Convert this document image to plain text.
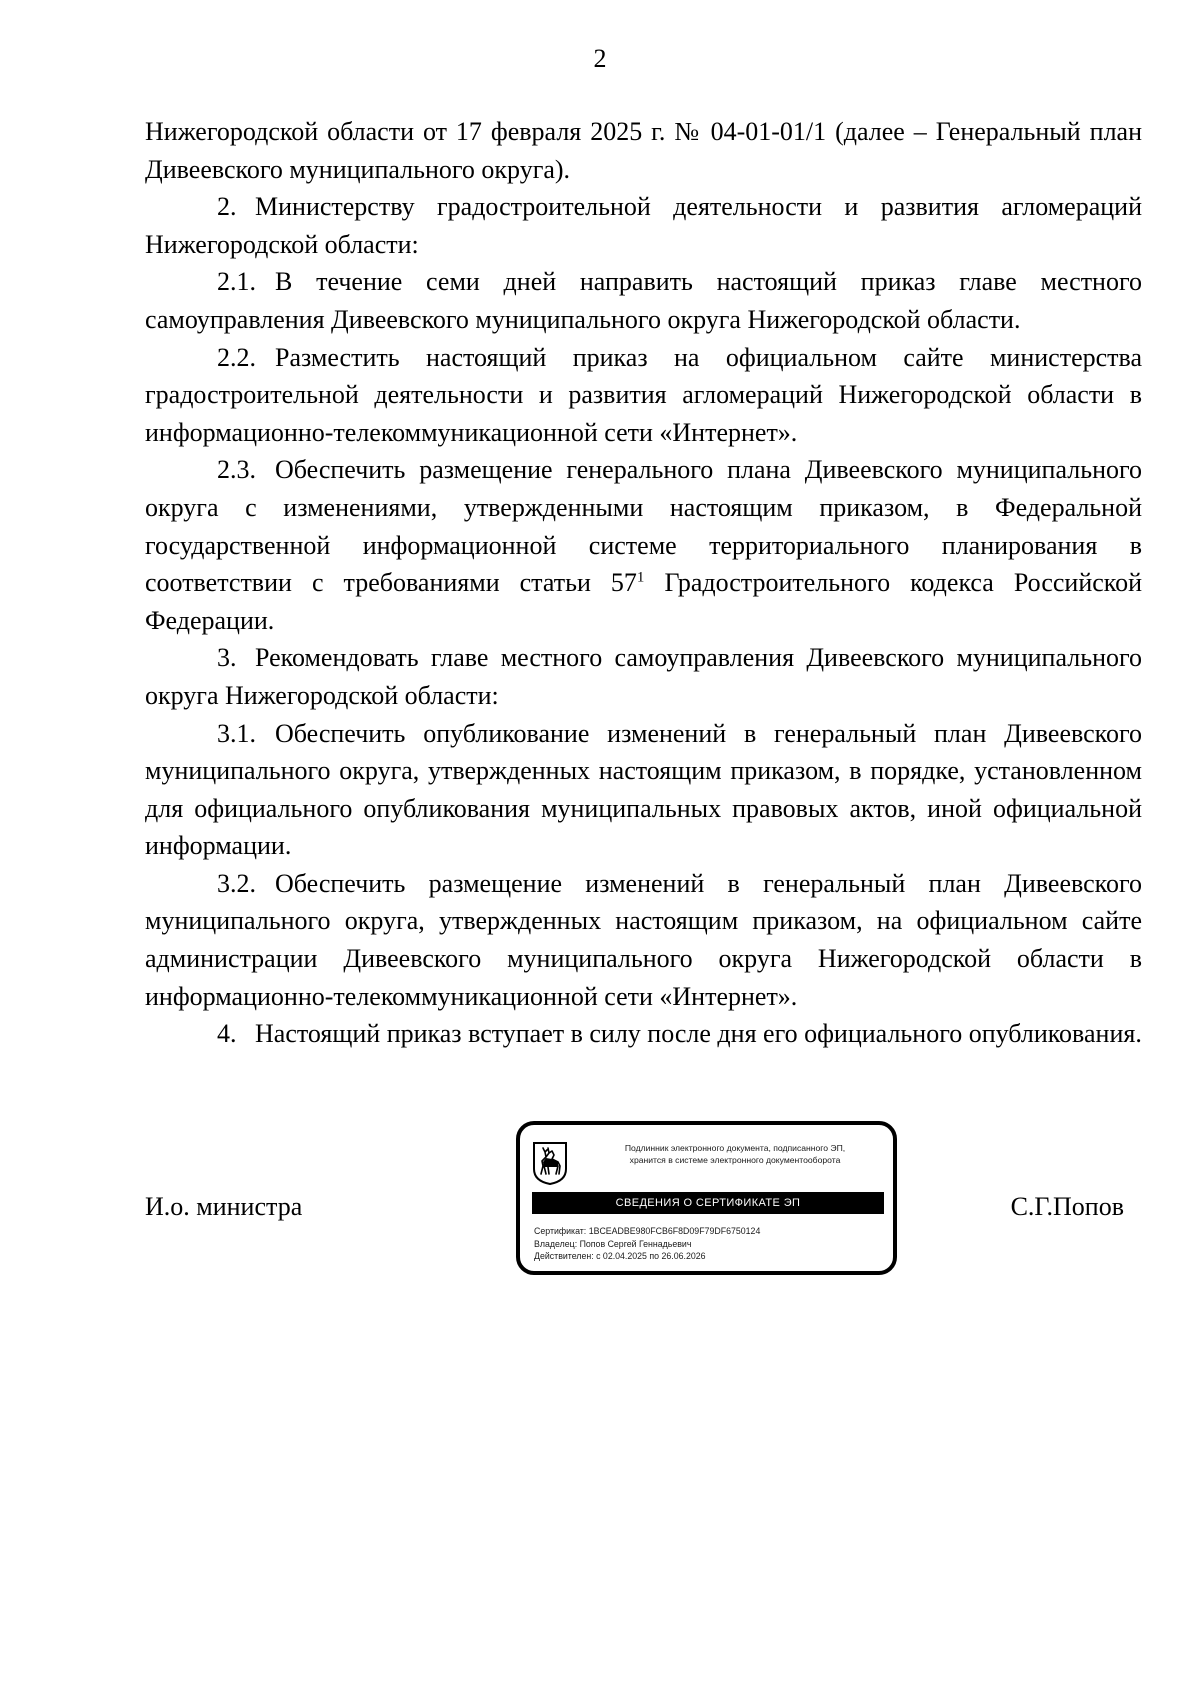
2

Нижегородской области от 17 февраля 2025 г. № 04-01-01/1 (далее – Генеральный план Дивеевского муниципального округа).

2. Министерству градостроительной деятельности и развития агломераций Нижегородской области:

2.1. В течение семи дней направить настоящий приказ главе местного самоуправления Дивеевского муниципального округа Нижегородской области.

2.2. Разместить настоящий приказ на официальном сайте министерства градостроительной деятельности и развития агломераций Нижегородской области в информационно-телекоммуникационной сети «Интернет».

2.3. Обеспечить размещение генерального плана Дивеевского муниципального округа с изменениями, утвержденными настоящим приказом, в Федеральной государственной информационной системе территориального планирования в соответствии с требованиями статьи $57^1$ Градостроительного кодекса Российской Федерации.

3. Рекомендовать главе местного самоуправления Дивеевского муниципального округа Нижегородской области:

3.1. Обеспечить опубликование изменений в генеральный план Дивеевского муниципального округа, утвержденных настоящим приказом, в порядке, установленном для официального опубликования муниципальных правовых актов, иной официальной информации.

3.2. Обеспечить размещение изменений в генеральный план Дивеевского муниципального округа, утвержденных настоящим приказом, на официальном сайте администрации Дивеевского муниципального округа Нижегородской области в информационно-телекоммуникационной сети «Интернет».

4. Настоящий приказ вступает в силу после дня его официального опубликования.

И.о. министра	С.Г.Попов
Подлинник электронного документа, подписанного ЭП,
хранится в системе электронного документооборота
СВЕДЕНИЯ О СЕРТИФИКАТЕ ЭП
Сертификат: 1BCEADBE980FCB6F8D09F79DF6750124
Владелец: Попов Сергей Геннадьевич
Действителен: с 02.04.2025 по 26.06.2026
